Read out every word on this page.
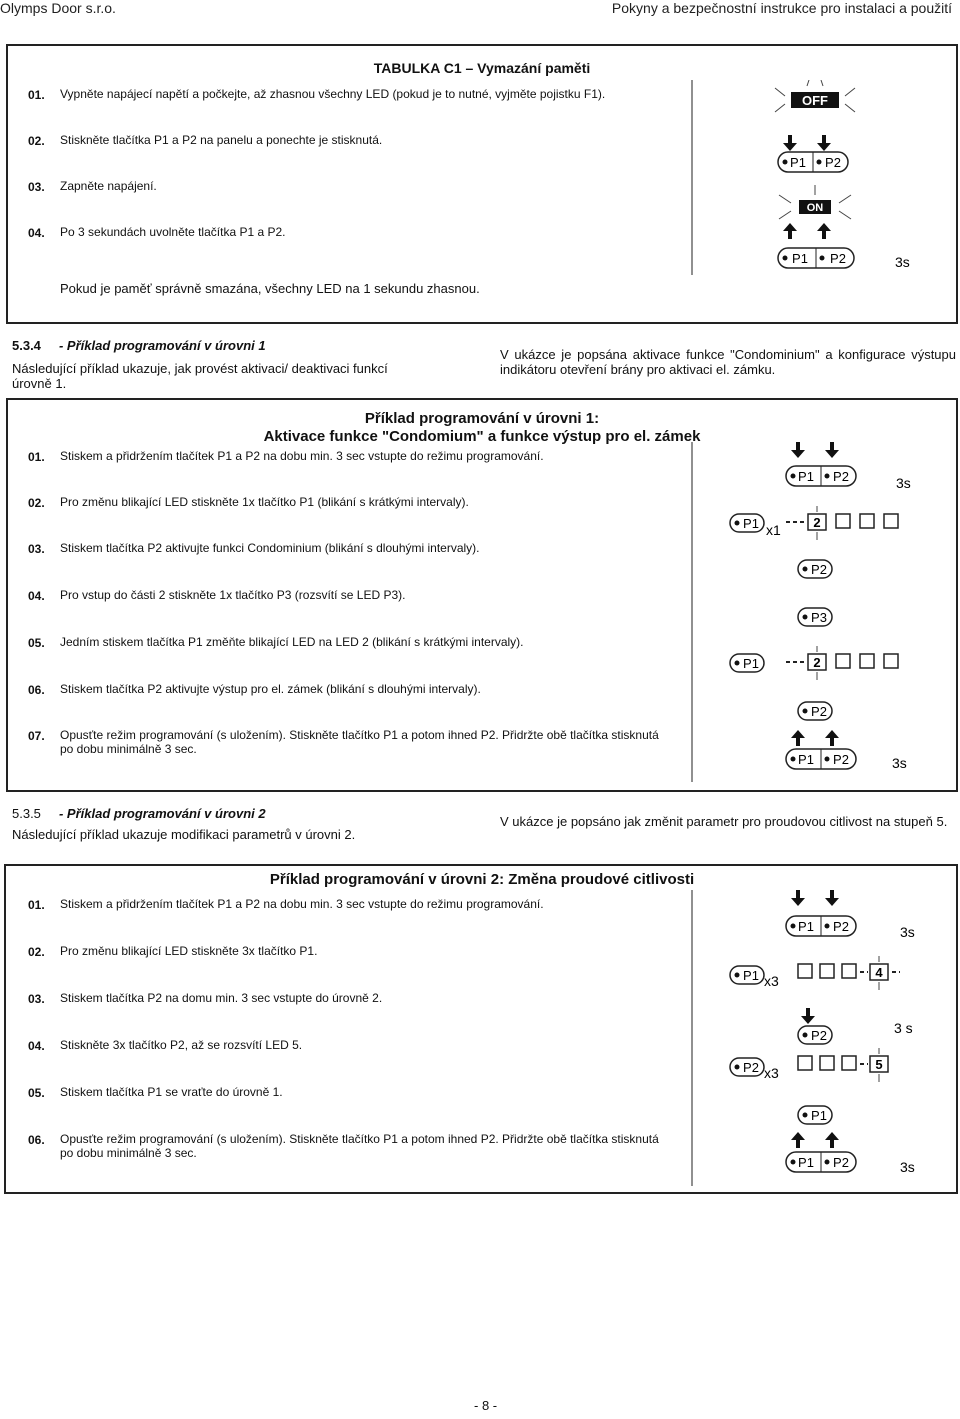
Olymps Door s.r.o.	Pokyny a bezpečnostní instrukce pro instalaci a použití
TABULKA C1 – Vymazání paměti
01. Vypněte napájecí napětí a počkejte, až zhasnou všechny LED (pokud je to nutné, vyjměte pojistku F1).
02. Stiskněte tlačítka P1 a P2 na panelu a ponechte je stisknutá.
03. Zapněte napájení.
04. Po 3 sekundách uvolněte tlačítka P1 a P2.
Pokud je paměť správně smazána, všechny LED na 1 sekundu zhasnou.
OFF
P1 P2
ON
P1 P2	3s
5.3.4 - Příklad programování v úrovni 1
Následující příklad ukazuje, jak provést aktivaci/ deaktivaci funkcí úrovně 1.
V ukázce je popsána aktivace funkce "Condominium" a konfigurace výstupu indikátoru otevření brány pro aktivaci el. zámku.
Příklad programování v úrovni 1:
Aktivace funkce "Condomium" a funkce výstup pro el. zámek
01. Stiskem a přidržením tlačítek P1 a P2 na dobu min. 3 sec vstupte do režimu programování.
02. Pro změnu blikající LED stiskněte 1x tlačítko P1 (blikání s krátkými intervaly).
03. Stiskem tlačítka P2 aktivujte funkci Condominium (blikání s dlouhými intervaly).
04. Pro vstup do části 2 stiskněte 1x tlačítko P3 (rozsvítí se LED P3).
05. Jedním stiskem tlačítka P1 změňte blikající LED na LED 2 (blikání s krátkými intervaly).
06. Stiskem tlačítka P2 aktivujte výstup pro el. zámek (blikání s dlouhými intervaly).
07. Opusťte režim programování (s uložením). Stiskněte tlačítko P1 a potom ihned P2. Přidržte obě tlačítka stisknutá po dobu minimálně 3 sec.
P1 P2	3s
P1 x1	2
P2
P3
P1	2
P2
P1 P2	3s
5.3.5 - Příklad programování v úrovni 2
Následující příklad ukazuje modifikaci parametrů v úrovni 2.
V ukázce je popsáno jak změnit parametr pro proudovou citlivost na stupeň 5.
Příklad programování v úrovni 2: Změna proudové citlivosti
01. Stiskem a přidržením tlačítek P1 a P2 na dobu min. 3 sec vstupte do režimu programování.
02. Pro změnu blikající LED stiskněte 3x tlačítko P1.
03. Stiskem tlačítka P2 na domu min. 3 sec vstupte do úrovně 2.
04. Stiskněte 3x tlačítko P2, až se rozsvítí LED 5.
05. Stiskem tlačítka P1 se vraťte do úrovně 1.
06. Opusťte režim programování (s uložením). Stiskněte tlačítko P1 a potom ihned P2. Přidržte obě tlačítka stisknutá po dobu minimálně 3 sec.
P1 P2	3s
P1 x3
4
P2	3 s
P2 x3
5
P1
P1 P2	3s
- 8 -
